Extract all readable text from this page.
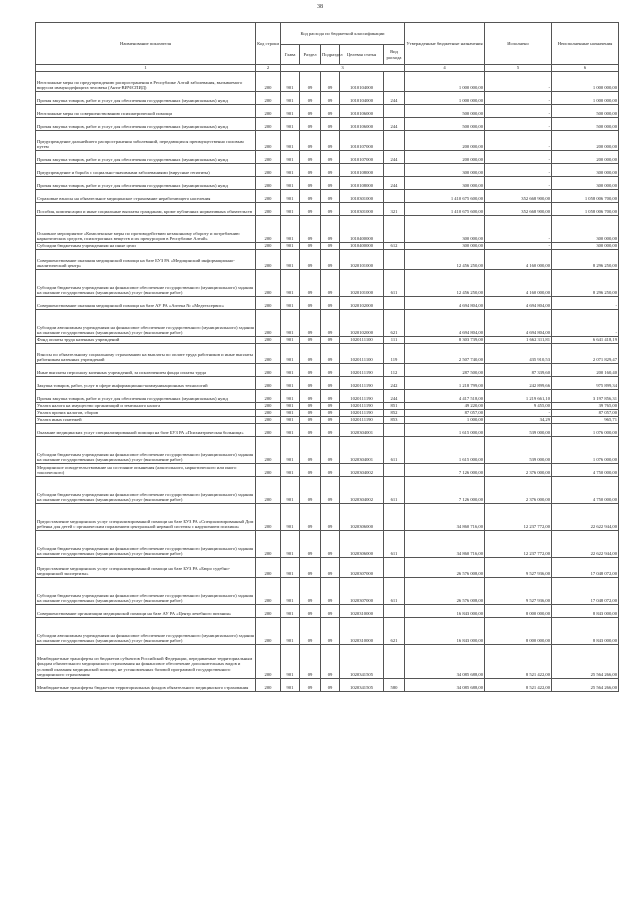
38
Наименование показателя	Код строки	Код расхода по бюджетной классификации					Утвержденные бюджетные назначения	Исполнено	Неисполненные назначения
		Глава	Раздел	Подраздел	Целевая статья	Вид расхода			
1	2	3					4	5	6
Неотложные меры по предупреждению распространения в Республике Алтай заболевания, вызываемого вирусом иммунодефицита человека (Анти-ВИЧ/СПИД)	200	901	09	09	1010104000		1 000 000,00	-	1 000 000,00
Прочая закупка товаров, работ и услуг для обеспечения государственных (муниципальных) нужд	200	901	09	09	1010104000	244	1 000 000,00	-	1 000 000,00
Неотложные меры по совершенствованию психиатрической помощи	200	901	09	09	1010106000		500 000,00	-	500 000,00
Прочая закупка товаров, работ и услуг для обеспечения государственных (муниципальных) нужд	200	901	09	09	1010106000	244	500 000,00	-	500 000,00
Предупреждение дальнейшего распространения заболеваний, передающихся преимущественно половым путем	200	901	09	09	1010107000		200 000,00	-	200 000,00
Прочая закупка товаров, работ и услуг для обеспечения государственных (муниципальных) нужд	200	901	09	09	1010107000	244	200 000,00	-	200 000,00
Предупреждение и борьба с социально-значимыми заболеваниями (вирусные гепатиты)	200	901	09	09	1010108000		300 000,00	-	300 000,00
Прочая закупка товаров, работ и услуг для обеспечения государственных (муниципальных) нужд	200	901	09	09	1010108000	244	300 000,00	-	300 000,00
Страховые взносы на обязательное медицинское страхование неработающего населения	200	901	09	09	1010301000		1 410 675 600,00	352 668 900,00	1 058 006 700,00
Пособия, компенсации и иные социальные выплаты гражданам, кроме публичных нормативных обязательств	200	901	09	09	1010301000	321	1 410 675 600,00	352 668 900,00	1 058 006 700,00
Основное мероприятие «Комплексные меры по противодействию незаконному обороту и потреблению наркотических средств, психотропных веществ и их прекурсоров в Республике Алтай»	200	901	09	09	1010400000		300 000,00	-	300 000,00
Субсидии бюджетным учреждениям на иные цели	200	901	09	09	1010400000	612	300 000,00	-	300 000,00
Совершенствование оказания медицинской помощи на базе БУЗ РА «Медицинский информационно-аналитический центр»	200	901	09	09	1020101000		12 456 250,00	4 160 000,00	8 296 250,00
Субсидии бюджетным учреждениям на финансовое обеспечение государственного (муниципального) задания на оказание государственных (муниципальных) услуг (выполнение работ)	200	901	09	09	1020101000	611	12 456 250,00	4 160 000,00	8 296 250,00
Совершенствование оказания медицинской помощи на базе АУ РА «Аптека № «Медтехсервис»	200	901	09	09	1020102000		4 694 804,00	4 694 804,00	-
Субсидии автономным учреждениям на финансовое обеспечение государственного (муниципального) задания на оказание государственных (муниципальных) услуг (выполнение работ)	200	901	09	09	1020102000	621	4 694 804,00	4 694 804,00	-
Фонд оплаты труда казенных учреждений	200	901	09	09	1020111100	111	8 303 739,00	1 662 311,81	6 641 418,19
Взносы по обязательному социальному страхованию на выплаты по оплате труда работников и иные выплаты работникам казенных учреждений	200	901	09	09	1020111100	119	2 507 740,00	435 910,53	2 071 829,47
Иные выплаты персоналу казенных учреждений, за исключением фонда оплаты труда	200	901	09	09	1020111190	112	287 500,00	87 339,60	200 160,40
Закупка товаров, работ, услуг в сфере информационно-коммуникационных технологий	200	901	09	09	1020111190	242	1 218 799,00	242 899,66	975 899,34
Прочая закупка товаров, работ и услуг для обеспечения государственных (муниципальных) нужд	200	901	09	09	1020111190	244	4 417 518,00	1 219 661,10	3 197 856,31
Уплата налога на имущество организаций и земельного налога	200	901	09	09	1020111190	851	49 220,00	9 455,00	39 765,00
Уплата прочих налогов, сборов	200	901	09	09	1020111190	852	87 057,00	-	87 057,00
Уплата иных платежей	200	901	09	09	1020111190	853	1 000,00	34,29	965,71
Оказание медицинских услуг специализированной помощи на базе БУЗ РА «Психиатрическая больница»	200	901	09	09	1020304001		1 615 000,00	539 000,00	1 076 000,00
Субсидии бюджетным учреждениям на финансовое обеспечение государственного (муниципального) задания на оказание государственных (муниципальных) услуг (выполнение работ)	200	901	09	09	1020304001	611	1 615 000,00	539 000,00	1 076 000,00
Медицинское освидетельствование на состояние опьянения (алкогольного, наркотического или иного токсического)	200	901	09	09	1020304002		7 126 000,00	2 376 000,00	4 750 000,00
Субсидии бюджетным учреждениям на финансовое обеспечение государственного (муниципального) задания на оказание государственных (муниципальных) услуг (выполнение работ)	200	901	09	09	1020304002	611	7 126 000,00	2 376 000,00	4 750 000,00
Предоставление медицинских услуг специализированной помощи на базе БУЗ РА «Специализированный Дом ребенка для детей с органическим поражением центральной нервной системы с нарушением психики»	200	901	09	09	1020306000		34 860 716,00	12 237 772,00	22 622 944,00
Субсидии бюджетным учреждениям на финансовое обеспечение государственного (муниципального) задания на оказание государственных (муниципальных) услуг (выполнение работ)	200	901	09	09	1020306000	611	34 860 716,00	12 237 772,00	22 622 944,00
Предоставление медицинских услуг специализированной помощи на базе БУЗ РА «Бюро судебно-медицинской экспертизы»	200	901	09	09	1020307000		26 576 008,00	9 527 936,00	17 048 072,00
Субсидии бюджетным учреждениям на финансовое обеспечение государственного (муниципального) задания на оказание государственных (муниципальных) услуг (выполнение работ)	200	901	09	09	1020307000	611	26 576 008,00	9 527 936,00	17 048 072,00
Совершенствование организации медицинской помощи на базе АУ РА «Центр лечебного питания»	200	901	09	09	1020310000		16 843 000,00	8 000 000,00	8 843 000,00
Субсидии автономным учреждениям на финансовое обеспечение государственного (муниципального) задания на оказание государственных (муниципальных) услуг (выполнение работ)	200	901	09	09	1020310000	621	16 843 000,00	8 000 000,00	8 843 000,00
Межбюджетные трансферты из бюджетов субъектов Российской Федерации, передаваемые территориальным фондам обязательного медицинского страхования на финансовое обеспечение дополнительных видов и условий оказания медицинской помощи, не установленных базовой программой государственного медицинского страхования	200	901	09	09	1020341505		34 085 688,00	8 521 422,00	25 564 266,00
Межбюджетные трансферты бюджетам территориальных фондов обязательного медицинского страхования	200	901	09	09	1020341505	580	34 085 688,00	8 521 422,00	25 564 266,00
